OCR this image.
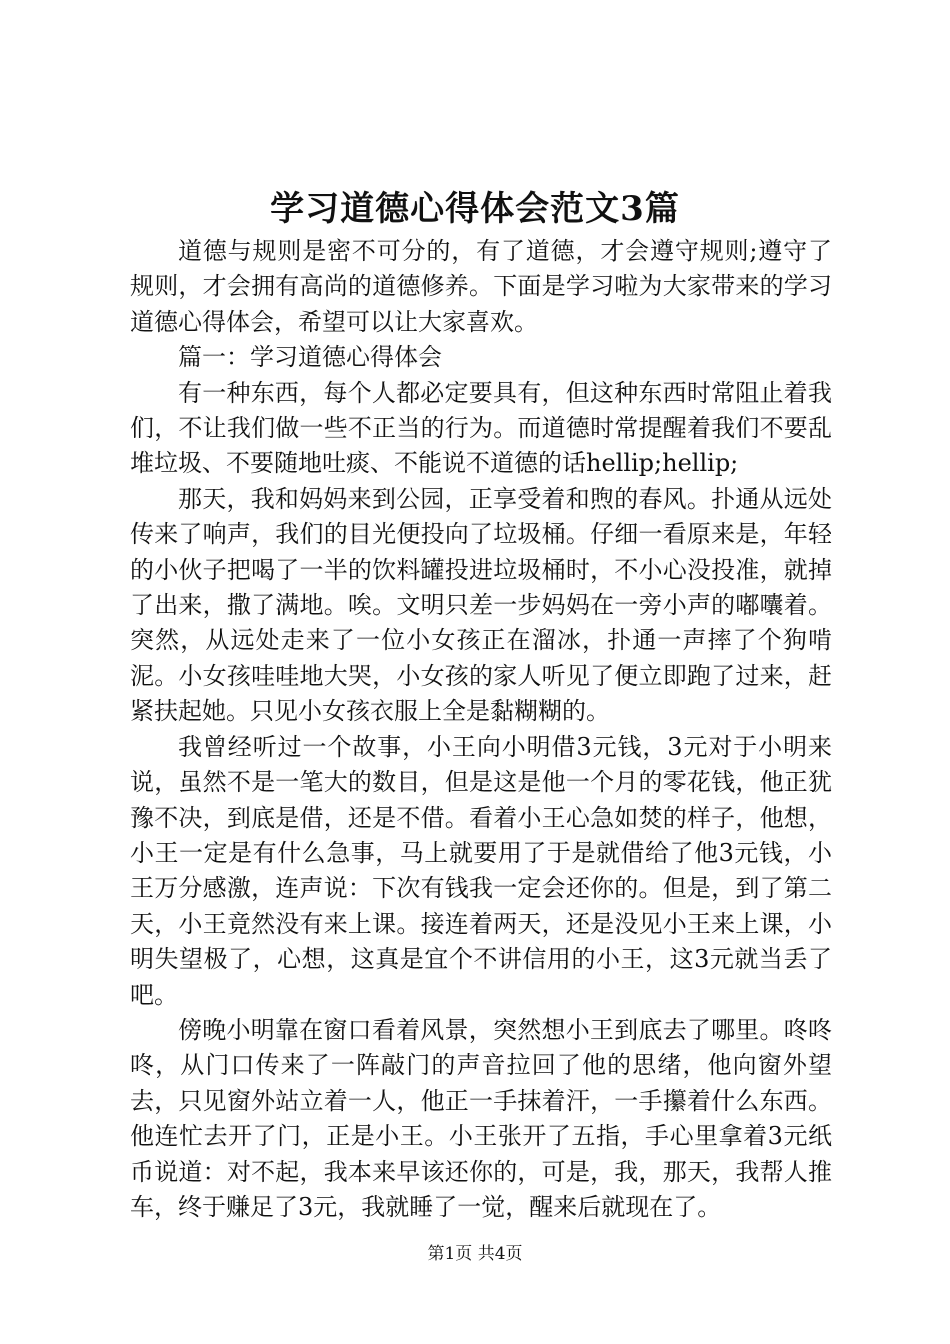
学习道德心得体会范文3篇

道德与规则是密不可分的，有了道德，才会遵守规则;遵守了规则，才会拥有高尚的道德修养。下面是学习啦为大家带来的学习道德心得体会，希望可以让大家喜欢。

篇一：学习道德心得体会

有一种东西，每个人都必定要具有，但这种东西时常阻止着我们，不让我们做一些不正当的行为。而道德时常提醒着我们不要乱堆垃圾、不要随地吐痰、不能说不道德的话hellip;hellip;

那天，我和妈妈来到公园，正享受着和煦的春风。扑通从远处传来了响声，我们的目光便投向了垃圾桶。仔细一看原来是，年轻的小伙子把喝了一半的饮料罐投进垃圾桶时，不小心没投准，就掉了出来，撒了满地。唉。文明只差一步妈妈在一旁小声的嘟囔着。突然，从远处走来了一位小女孩正在溜冰，扑通一声摔了个狗啃泥。小女孩哇哇地大哭，小女孩的家人听见了便立即跑了过来，赶紧扶起她。只见小女孩衣服上全是黏糊糊的。

我曾经听过一个故事，小王向小明借3元钱，3元对于小明来说，虽然不是一笔大的数目，但是这是他一个月的零花钱，他正犹豫不决，到底是借，还是不借。看着小王心急如焚的样子，他想，小王一定是有什么急事，马上就要用了于是就借给了他3元钱，小王万分感激，连声说：下次有钱我一定会还你的。但是，到了第二天，小王竟然没有来上课。接连着两天，还是没见小王来上课，小明失望极了，心想，这真是宜个不讲信用的小王，这3元就当丢了吧。

傍晚小明靠在窗口看着风景，突然想小王到底去了哪里。咚咚咚，从门口传来了一阵敲门的声音拉回了他的思绪，他向窗外望去，只见窗外站立着一人，他正一手抹着汗，一手攥着什么东西。他连忙去开了门，正是小王。小王张开了五指，手心里拿着3元纸币说道：对不起，我本来早该还你的，可是，我，那天，我帮人推车，终于赚足了3元，我就睡了一觉，醒来后就现在了。

第1页 共4页
